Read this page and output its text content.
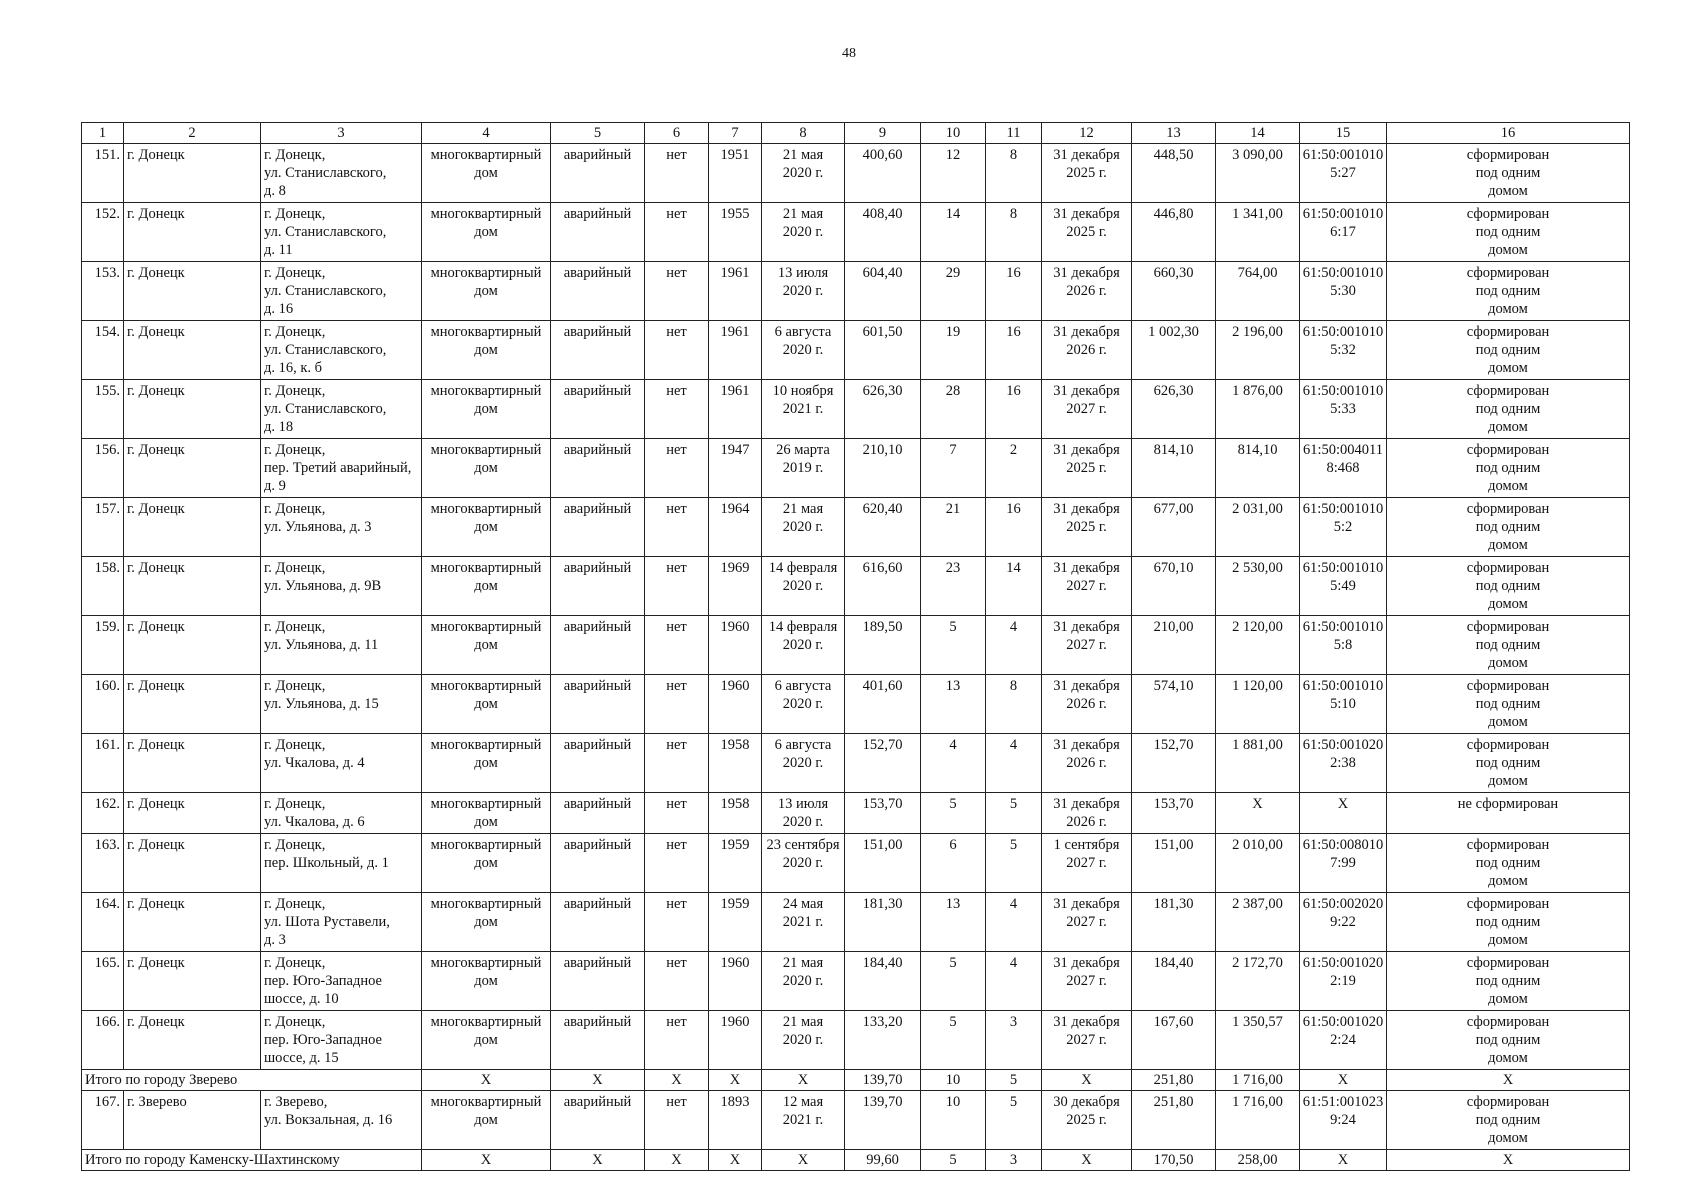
48
1	2	3	4	5	6	7	8	9	10	11	12	13	14	15	16
151.	г. Донецк	г. Донецк,
ул. Станиславского,
д. 8	многоквартирный
дом	аварийный	нет	1951	21 мая
2020 г.	400,60	12	8	31 декабря
2025 г.	448,50	3 090,00	61:50:001010
5:27	сформирован
под одним
домом

152.	г. Донецк	г. Донецк,
ул. Станиславского,
д. 11	многоквартирный
дом	аварийный	нет	1955	21 мая
2020 г.	408,40	14	8	31 декабря
2025 г.	446,80	1 341,00	61:50:001010
6:17	сформирован
под одним
домом

153.	г. Донецк	г. Донецк,
ул. Станиславского,
д. 16	многоквартирный
дом	аварийный	нет	1961	13 июля
2020 г.	604,40	29	16	31 декабря
2026 г.	660,30	764,00	61:50:001010
5:30	сформирован
под одним
домом

154.	г. Донецк	г. Донецк,
ул. Станиславского,
д. 16, к. б	многоквартирный
дом	аварийный	нет	1961	6 августа
2020 г.	601,50	19	16	31 декабря
2026 г.	1 002,30	2 196,00	61:50:001010
5:32	сформирован
под одним
домом

155.	г. Донецк	г. Донецк,
ул. Станиславского,
д. 18	многоквартирный
дом	аварийный	нет	1961	10 ноября
2021 г.	626,30	28	16	31 декабря
2027 г.	626,30	1 876,00	61:50:001010
5:33	сформирован
под одним
домом

156.	г. Донецк	г. Донецк,
пер. Третий аварийный,
д. 9	многоквартирный
дом	аварийный	нет	1947	26 марта
2019 г.	210,10	7	2	31 декабря
2025 г.	814,10	814,10	61:50:004011
8:468	сформирован
под одним
домом

157.	г. Донецк	г. Донецк,
ул. Ульянова, д. 3	многоквартирный
дом	аварийный	нет	1964	21 мая
2020 г.	620,40	21	16	31 декабря
2025 г.	677,00	2 031,00	61:50:001010
5:2	сформирован
под одним
домом

158.	г. Донецк	г. Донецк,
ул. Ульянова, д. 9В	многоквартирный
дом	аварийный	нет	1969	14 февраля
2020 г.	616,60	23	14	31 декабря
2027 г.	670,10	2 530,00	61:50:001010
5:49	сформирован
под одним
домом

159.	г. Донецк	г. Донецк,
ул. Ульянова, д. 11	многоквартирный
дом	аварийный	нет	1960	14 февраля
2020 г.	189,50	5	4	31 декабря
2027 г.	210,00	2 120,00	61:50:001010
5:8	сформирован
под одним
домом

160.	г. Донецк	г. Донецк,
ул. Ульянова, д. 15	многоквартирный
дом	аварийный	нет	1960	6 августа
2020 г.	401,60	13	8	31 декабря
2026 г.	574,10	1 120,00	61:50:001010
5:10	сформирован
под одним
домом

161.	г. Донецк	г. Донецк,
ул. Чкалова, д. 4	многоквартирный
дом	аварийный	нет	1958	6 августа
2020 г.	152,70	4	4	31 декабря
2026 г.	152,70	1 881,00	61:50:001020
2:38	сформирован
под одним
домом

162.	г. Донецк	г. Донецк,
ул. Чкалова, д. 6	многоквартирный
дом	аварийный	нет	1958	13 июля
2020 г.	153,70	5	5	31 декабря
2026 г.	153,70	Х	Х	не сформирован

163.	г. Донецк	г. Донецк,
пер. Школьный, д. 1	многоквартирный
дом	аварийный	нет	1959	23 сентября
2020 г.	151,00	6	5	1 сентября
2027 г.	151,00	2 010,00	61:50:008010
7:99	сформирован
под одним
домом

164.	г. Донецк	г. Донецк,
ул. Шота Руставели,
д. 3	многоквартирный
дом	аварийный	нет	1959	24 мая
2021 г.	181,30	13	4	31 декабря
2027 г.	181,30	2 387,00	61:50:002020
9:22	сформирован
под одним
домом

165.	г. Донецк	г. Донецк,
пер. Юго-Западное
шоссе, д. 10	многоквартирный
дом	аварийный	нет	1960	21 мая
2020 г.	184,40	5	4	31 декабря
2027 г.	184,40	2 172,70	61:50:001020
2:19	сформирован
под одним
домом

166.	г. Донецк	г. Донецк,
пер. Юго-Западное
шоссе, д. 15	многоквартирный
дом	аварийный	нет	1960	21 мая
2020 г.	133,20	5	3	31 декабря
2027 г.	167,60	1 350,57	61:50:001020
2:24	сформирован
под одним
домом

Итого по городу Зверево			Х	Х	Х	Х	Х	139,70	10	5	Х	251,80	1 716,00	Х	Х
167.	г. Зверево	г. Зверево,
ул. Вокзальная, д. 16	многоквартирный
дом	аварийный	нет	1893	12 мая
2021 г.	139,70	10	5	30 декабря
2025 г.	251,80	1 716,00	61:51:001023
9:24	сформирован
под одним
домом

Итого по городу Каменску-Шахтинскому			Х	Х	Х	Х	Х	99,60	5	3	Х	170,50	258,00	Х	Х
